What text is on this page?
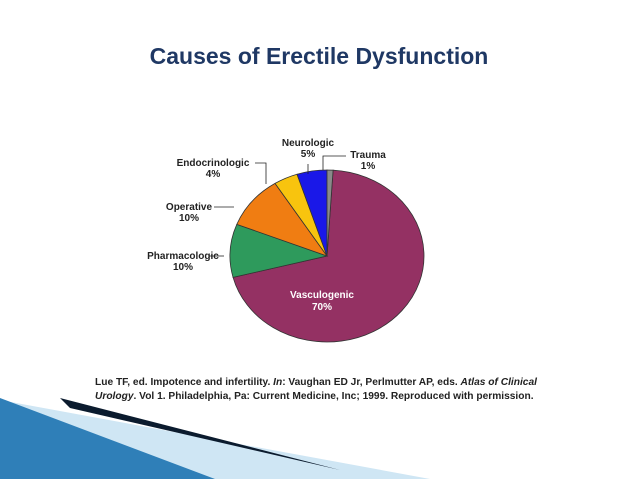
Causes of Erectile Dysfunction
Vasculogenic
70%
Pharmacologic
10%
Operative
10%
Endocrinologic
4%
Neurologic
5%	Trauma
1%
Lue TF, ed. Impotence and infertility. In: Vaughan ED Jr, Perlmutter AP, eds. Atlas of Clinical Urology. Vol 1. Philadelphia, Pa: Current Medicine, Inc; 1999. Reproduced with permission.
